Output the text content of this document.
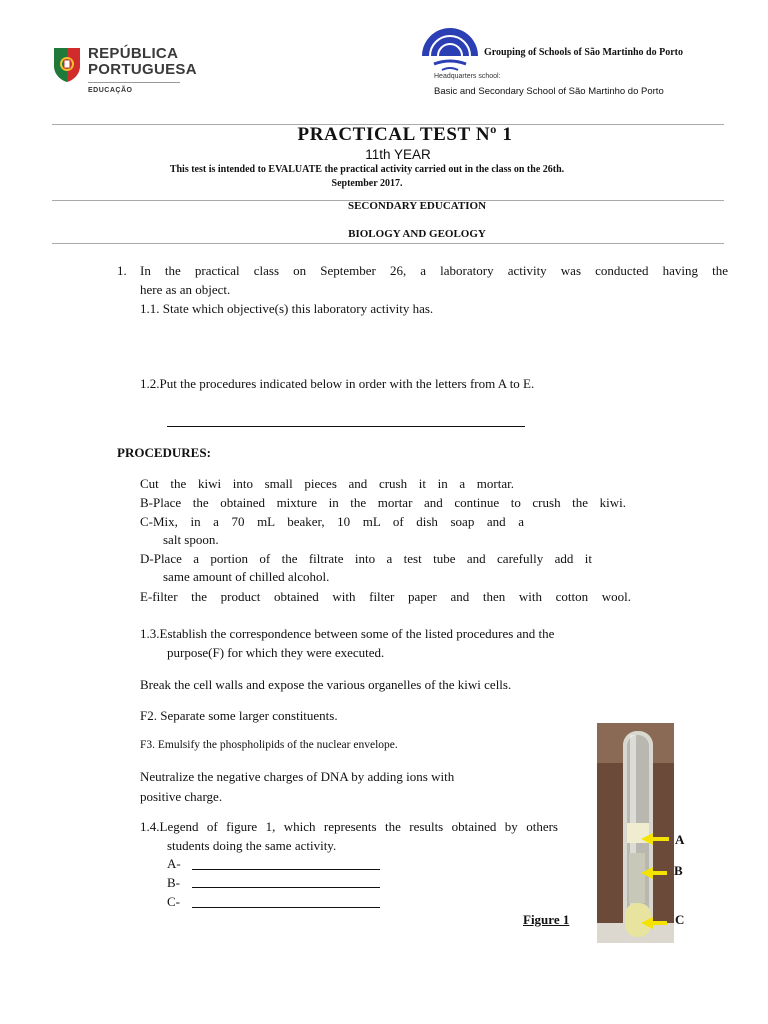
REPÚBLICA
PORTUGUESA
EDUCAÇÃO
Grouping of Schools of São Martinho do Porto
Headquarters school:
Basic and Secondary School of São Martinho do Porto
PRACTICAL TEST Nº 1
11th YEAR
This test is intended to EVALUATE the practical activity carried out in the class on the 26th.
September 2017.
SECONDARY EDUCATION
BIOLOGY AND GEOLOGY
1. In the practical class on September 26, a laboratory activity was conducted having the
here as an object.
1.1. State which objective(s) this laboratory activity has.
1.2.Put the procedures indicated below in order with the letters from A to E.
PROCEDURES:
Cut the kiwi into small pieces and crush it in a mortar.
B-Place the obtained mixture in the mortar and continue to crush the kiwi.
C-Mix, in a 70 mL beaker, 10 mL of dish soap and a
salt spoon.
D-Place a portion of the filtrate into a test tube and carefully add it
same amount of chilled alcohol.
E-filter the product obtained with filter paper and then with cotton wool.
1.3.Establish the correspondence between some of the listed procedures and the
purpose(F) for which they were executed.
Break the cell walls and expose the various organelles of the kiwi cells.
F2. Separate some larger constituents.
F3. Emulsify the phospholipids of the nuclear envelope.
Neutralize the negative charges of DNA by adding ions with
positive charge.
1.4.Legend of figure 1, which represents the results obtained by others
students doing the same activity.
A-
B-
C-
Figure 1
A
B
C
